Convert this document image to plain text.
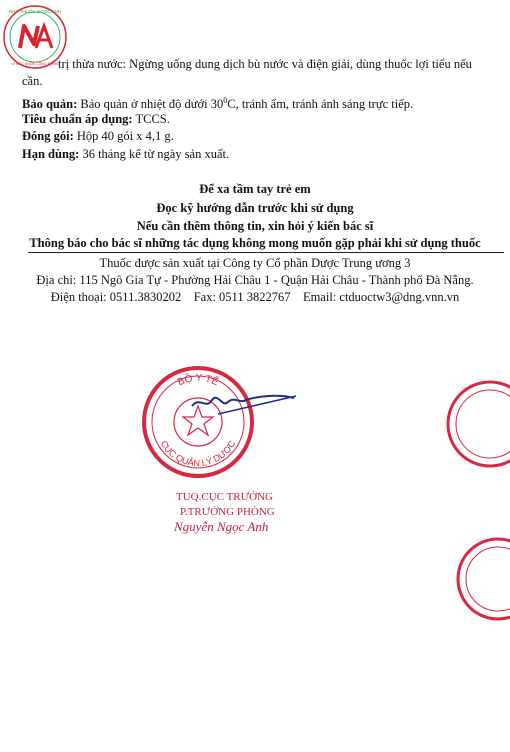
NHÀ THUỐC NGỌC ANH
VÌ SỨC KHỎE CỘNG ĐỒNG trị thừa nước: Ngừng uống dung dịch bù nước và điện giải, dùng thuốc lợi tiểu nếu
cần.
Bảo quản: Bảo quản ở nhiệt độ dưới $30^0C$, tránh ẩm, tránh ánh sáng trực tiếp.
Tiêu chuẩn áp dụng: TCCS.
Đóng gói: Hộp 40 gói x 4,1 g.
Hạn dùng: 36 tháng kể từ ngày sản xuất.
Để xa tầm tay trẻ em
Đọc kỹ hướng dẫn trước khi sử dụng
Nếu cần thêm thông tin, xin hỏi ý kiến bác sĩ
Thông báo cho bác sĩ những tác dụng không mong muốn gặp phải khi sử dụng thuốc
Thuốc được sản xuất tại Công ty Cổ phần Dược Trung ương 3
Địa chỉ: 115 Ngô Gia Tự - Phường Hải Châu 1 - Quận Hải Châu - Thành phố Đà Nẵng.
Điện thoại: 0511.3830202    Fax: 0511 3822767    Email: ctduoctw3@dng.vnn.vn
BỘ Y TẾ
CỤC QUẢN LÝ DƯỢC
TUQ.CỤC TRƯỞNG
P.TRƯỞNG PHÒNG
Nguyễn Ngọc Anh
